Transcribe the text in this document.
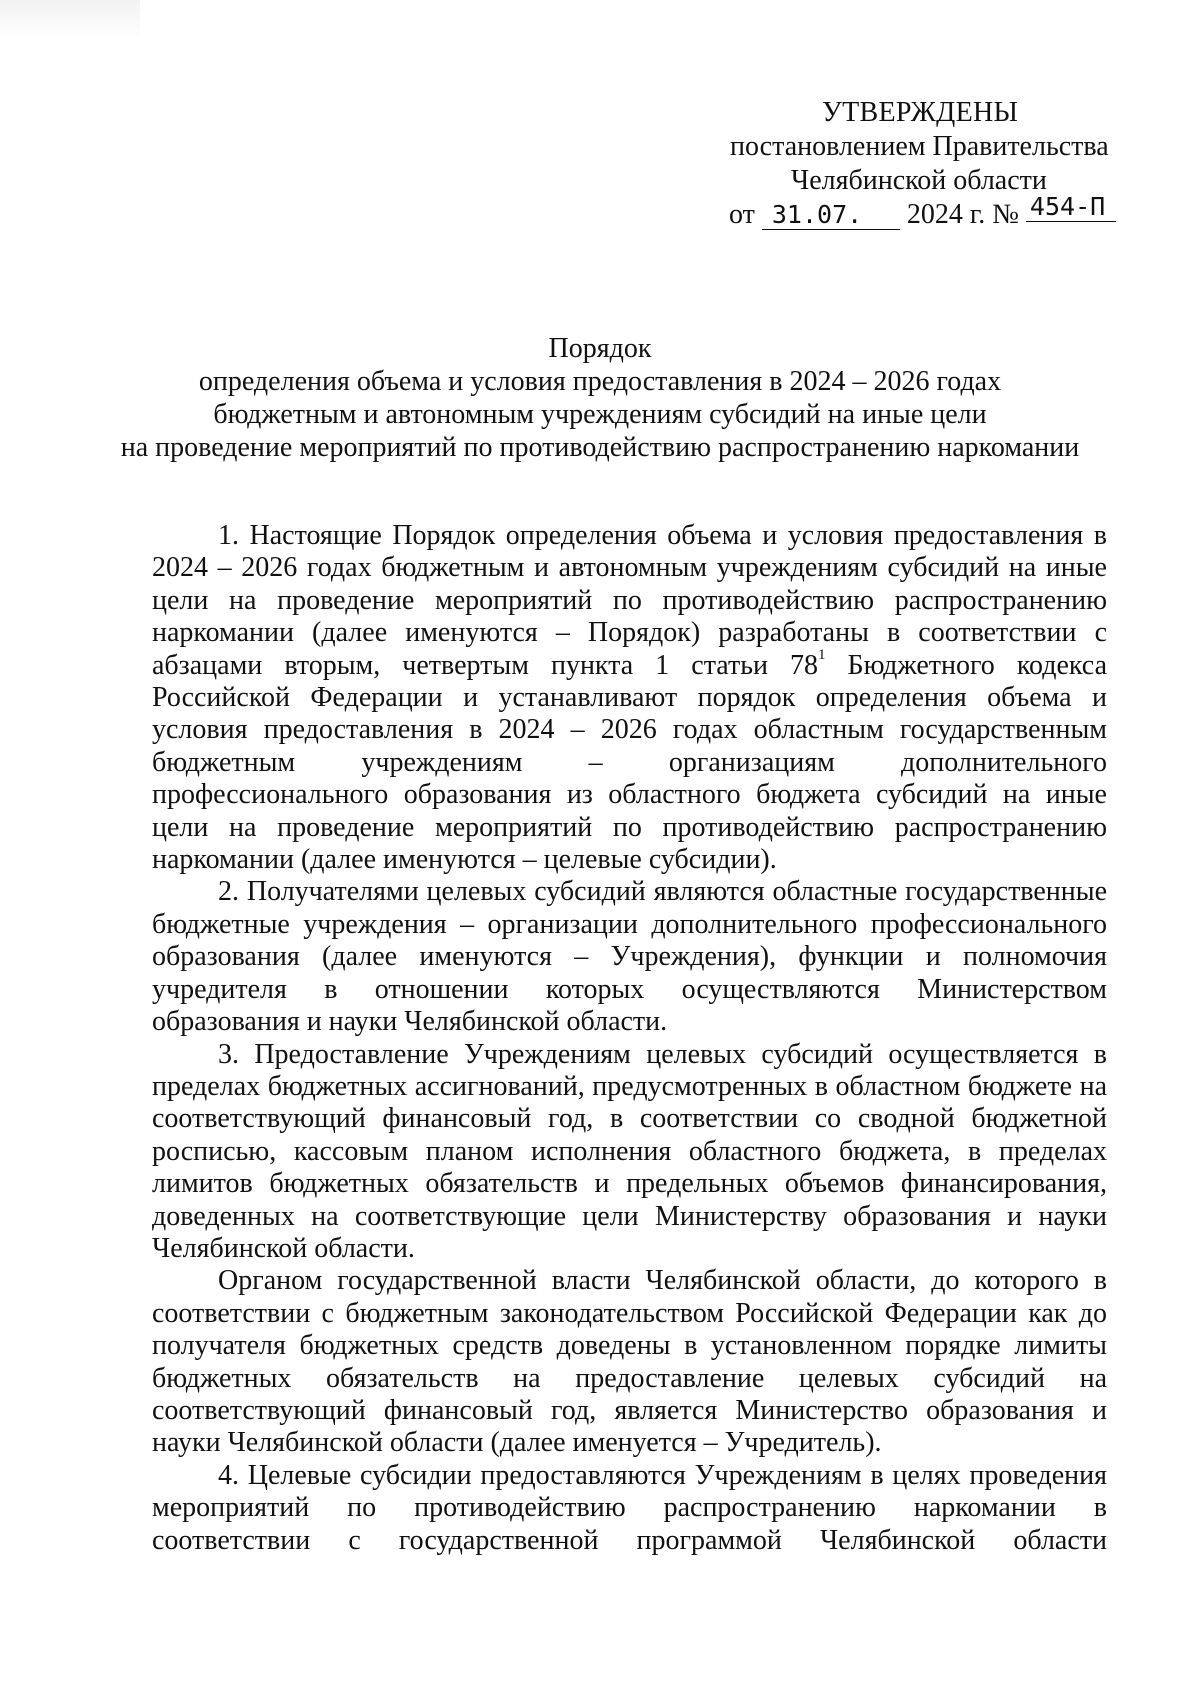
УТВЕРЖДЕНЫ
постановлением Правительства
Челябинской области
от 31.07. 2024 г. № 454-П
Порядок
определения объема и условия предоставления в 2024 – 2026 годах
бюджетным и автономным учреждениям субсидий на иные цели
на проведение мероприятий по противодействию распространению наркомании

1. Настоящие Порядок определения объема и условия предоставления в 2024 – 2026 годах бюджетным и автономным учреждениям субсидий на иные цели на проведение мероприятий по противодействию распространению наркомании (далее именуются – Порядок) разработаны в соответствии с абзацами вторым, четвертым пункта 1 статьи $78^1$ Бюджетного кодекса Российской Федерации и устанавливают порядок определения объема и условия предоставления в 2024 – 2026 годах областным государственным бюджетным учреждениям – организациям дополнительного профессионального образования из областного бюджета субсидий на иные цели на проведение мероприятий по противодействию распространению наркомании (далее именуются – целевые субсидии).

2. Получателями целевых субсидий являются областные государственные бюджетные учреждения – организации дополнительного профессионального образования (далее именуются – Учреждения), функции и полномочия учредителя в отношении которых осуществляются Министерством образования и науки Челябинской области.

3. Предоставление Учреждениям целевых субсидий осуществляется в пределах бюджетных ассигнований, предусмотренных в областном бюджете на соответствующий финансовый год, в соответствии со сводной бюджетной росписью, кассовым планом исполнения областного бюджета, в пределах лимитов бюджетных обязательств и предельных объемов финансирования, доведенных на соответствующие цели Министерству образования и науки Челябинской области.

Органом государственной власти Челябинской области, до которого в соответствии с бюджетным законодательством Российской Федерации как до получателя бюджетных средств доведены в установленном порядке лимиты бюджетных обязательств на предоставление целевых субсидий на соответствующий финансовый год, является Министерство образования и науки Челябинской области (далее именуется – Учредитель).

4. Целевые субсидии предоставляются Учреждениям в целях проведения мероприятий по противодействию распространению наркомании в соответствии с государственной программой Челябинской области
